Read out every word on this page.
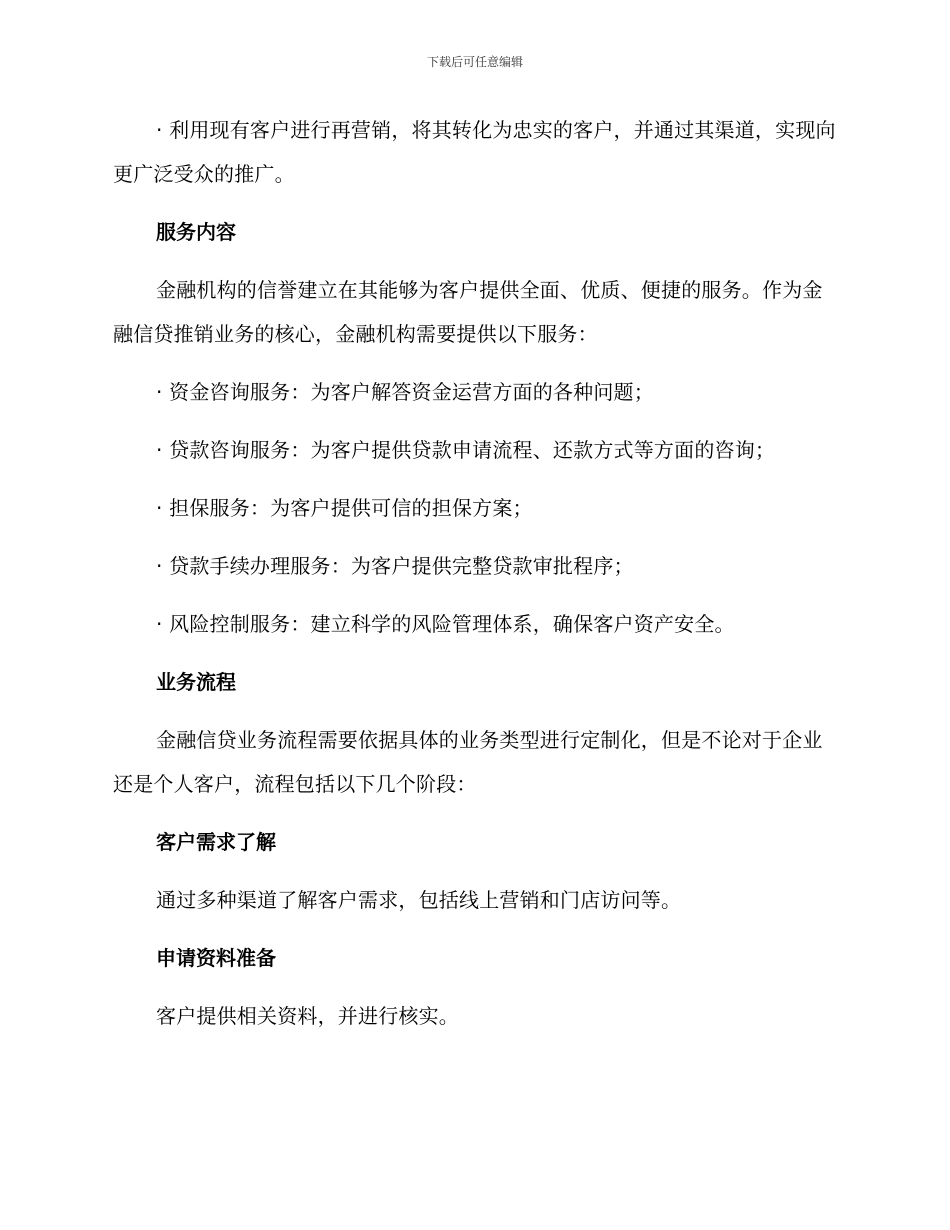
下载后可任意编辑

· 利用现有客户进行再营销，将其转化为忠实的客户，并通过其渠道，实现向更广泛受众的推广。

服务内容

金融机构的信誉建立在其能够为客户提供全面、优质、便捷的服务。作为金融信贷推销业务的核心，金融机构需要提供以下服务：

· 资金咨询服务：为客户解答资金运营方面的各种问题；

· 贷款咨询服务：为客户提供贷款申请流程、还款方式等方面的咨询；

· 担保服务：为客户提供可信的担保方案；

· 贷款手续办理服务：为客户提供完整贷款审批程序；

· 风险控制服务：建立科学的风险管理体系，确保客户资产安全。

业务流程

金融信贷业务流程需要依据具体的业务类型进行定制化，但是不论对于企业还是个人客户，流程包括以下几个阶段：

客户需求了解

通过多种渠道了解客户需求，包括线上营销和门店访问等。

申请资料准备

客户提供相关资料，并进行核实。
